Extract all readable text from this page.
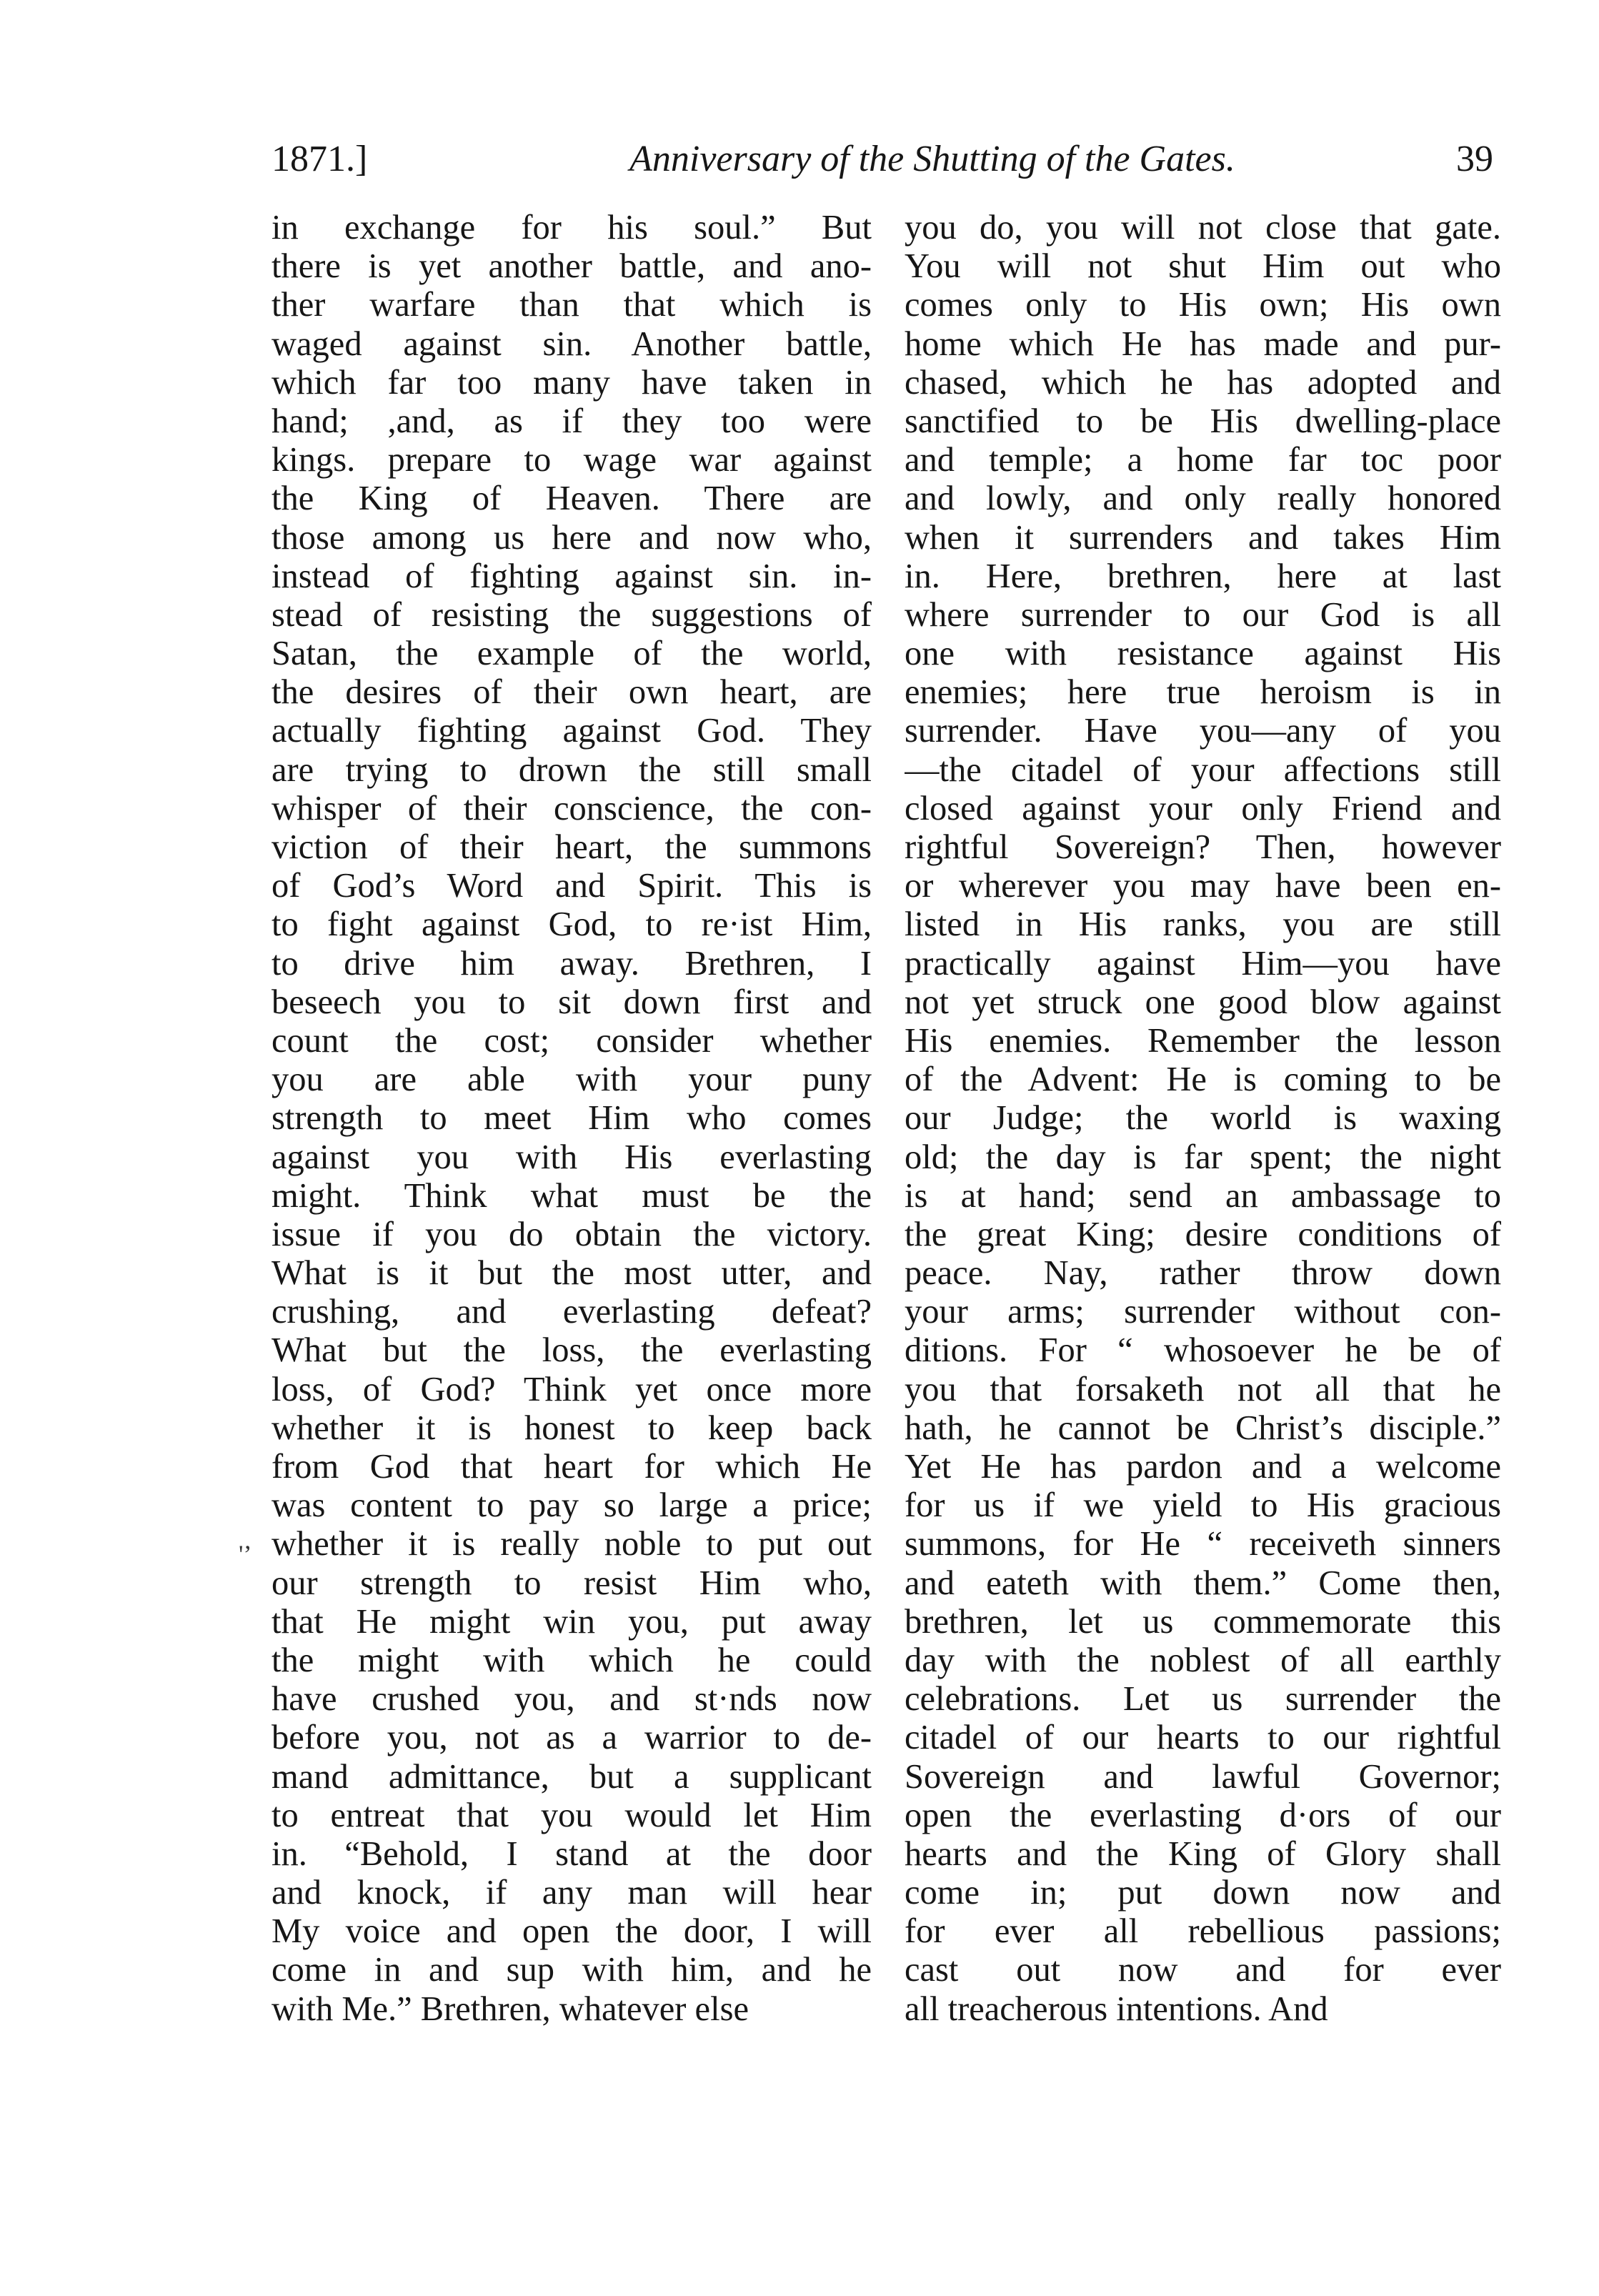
1871.]	Anniversary of the Shutting of the Gates.	39
'’
in exchange for his soul.” But
there is yet another battle, and ano-
ther warfare than that which is
waged against sin. Another battle,
which far too many have taken in
hand; ,and, as if they too were
kings. prepare to wage war against
the King of Heaven. There are
those among us here and now who,
instead of fighting against sin. in-
stead of resisting the suggestions of
Satan, the example of the world,
the desires of their own heart, are
actually fighting against God. They
are trying to drown the still small
whisper of their conscience, the con-
viction of their heart, the summons
of God’s Word and Spirit. This is
to fight against God, to re·ist Him,
to drive him away. Brethren, I
beseech you to sit down first and
count the cost; consider whether
you are able with your puny
strength to meet Him who comes
against you with His everlasting
might. Think what must be the
issue if you do obtain the victory.
What is it but the most utter, and
crushing, and everlasting defeat?
What but the loss, the everlasting
loss, of God? Think yet once more
whether it is honest to keep back
from God that heart for which He
was content to pay so large a price;
whether it is really noble to put out
our strength to resist Him who,
that He might win you, put away
the might with which he could
have crushed you, and st·nds now
before you, not as a warrior to de-
mand admittance, but a supplicant
to entreat that you would let Him
in. “Behold, I stand at the door
and knock, if any man will hear
My voice and open the door, I will
come in and sup with him, and he
with Me.” Brethren, whatever else
you do, you will not close that gate.
You will not shut Him out who
comes only to His own; His own
home which He has made and pur-
chased, which he has adopted and
sanctified to be His dwelling-place
and temple; a home far toc poor
and lowly, and only really honored
when it surrenders and takes Him
in. Here, brethren, here at last
where surrender to our God is all
one with resistance against His
enemies; here true heroism is in
surrender. Have you—any of you
—the citadel of your affections still
closed against your only Friend and
rightful Sovereign? Then, however
or wherever you may have been en-
listed in His ranks, you are still
practically against Him—you have
not yet struck one good blow against
His enemies. Remember the lesson
of the Advent: He is coming to be
our Judge; the world is waxing
old; the day is far spent; the night
is at hand; send an ambassage to
the great King; desire conditions of
peace. Nay, rather throw down
your arms; surrender without con-
ditions. For “ whosoever he be of
you that forsaketh not all that he
hath, he cannot be Christ’s disciple.”
Yet He has pardon and a welcome
for us if we yield to His gracious
summons, for He “ receiveth sinners
and eateth with them.” Come then,
brethren, let us commemorate this
day with the noblest of all earthly
celebrations. Let us surrender the
citadel of our hearts to our rightful
Sovereign and lawful Governor;
open the everlasting d·ors of our
hearts and the King of Glory shall
come in; put down now and
for ever all rebellious passions;
cast out now and for ever
all treacherous intentions. And
